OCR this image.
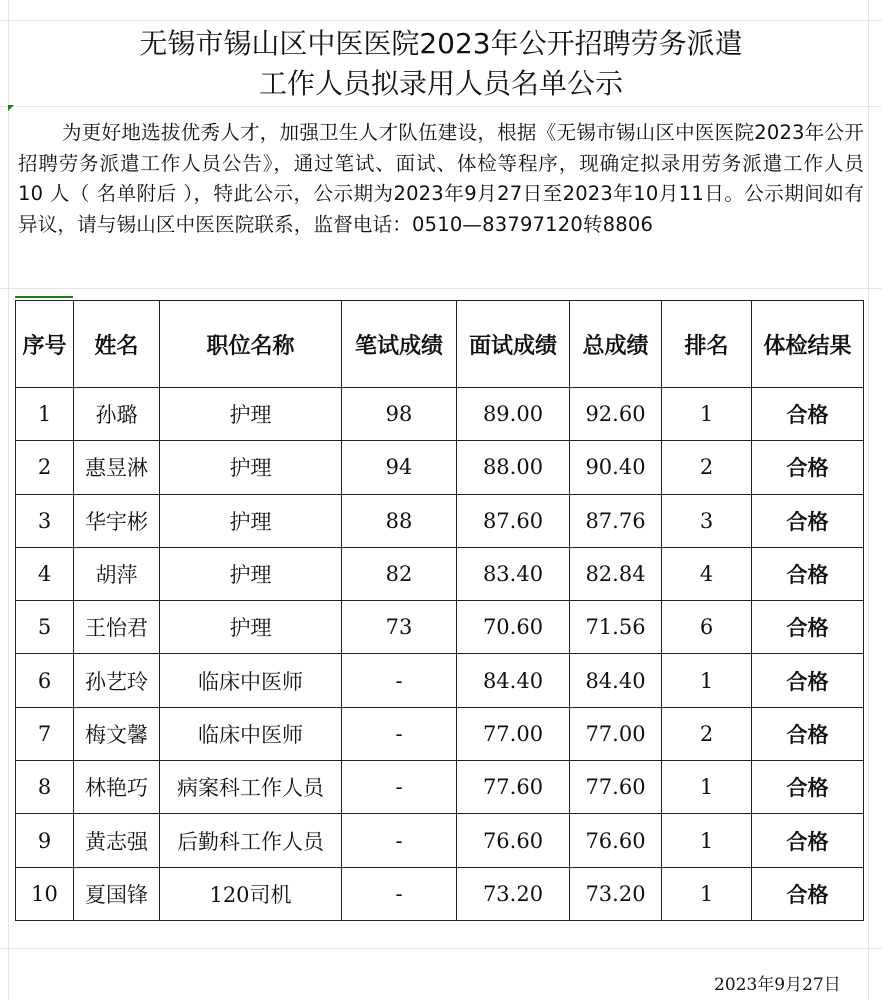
无锡市锡山区中医医院2023年公开招聘劳务派遣
工作人员拟录用人员名单公示
为更好地选拔优秀人才，加强卫生人才队伍建设，根据《无锡市锡山区中医医院2023年公开招聘劳务派遣工作人员公告》，通过笔试、面试、体检等程序，现确定拟录用劳务派遣工作人员 10 人（ 名单附后 ），特此公示，公示期为2023年9月27日至2023年10月11日。公示期间如有异议，请与锡山区中医医院联系，监督电话：0510—83797120转8806
序号	姓名	职位名称	笔试成绩	面试成绩	总成绩	排名	体检结果
1	孙璐	护理	98	89.00	92.60	1	合格
2	惠昱淋	护理	94	88.00	90.40	2	合格
3	华宇彬	护理	88	87.60	87.76	3	合格
4	胡萍	护理	82	83.40	82.84	4	合格
5	王怡君	护理	73	70.60	71.56	6	合格
6	孙艺玲	临床中医师	-	84.40	84.40	1	合格
7	梅文馨	临床中医师	-	77.00	77.00	2	合格
8	林艳巧	病案科工作人员	-	77.60	77.60	1	合格
9	黄志强	后勤科工作人员	-	76.60	76.60	1	合格
10	夏国锋	120司机	-	73.20	73.20	1	合格
2023年9月27日
